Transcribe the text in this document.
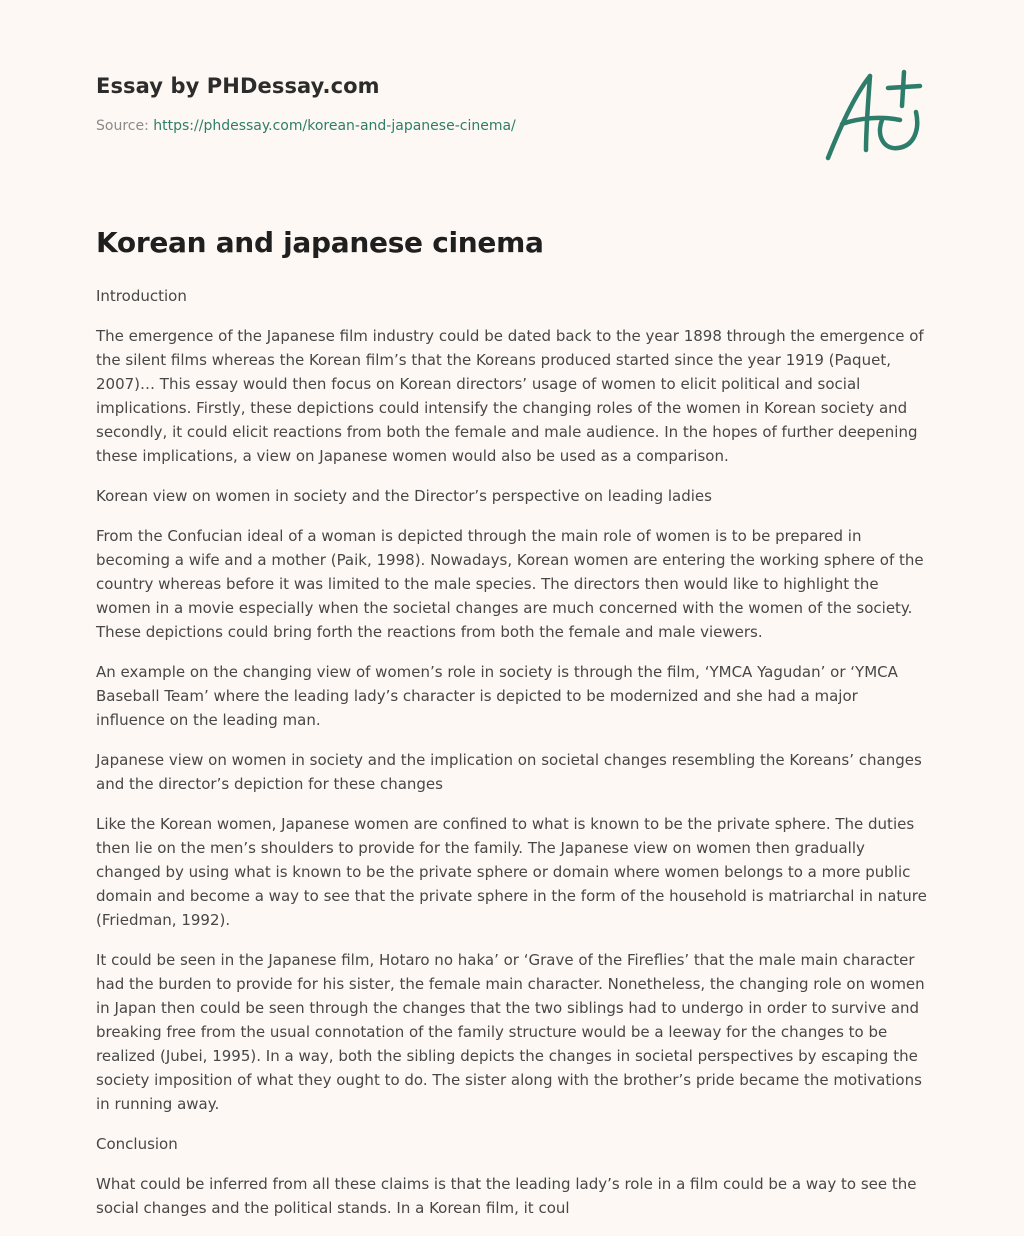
Essay by PHDessay.com
Source: https://phdessay.com/korean-and-japanese-cinema/
Korean and japanese cinema

Introduction

The emergence of the Japanese film industry could be dated back to the year 1898 through the emergence of the silent films whereas the Korean film’s that the Koreans produced started since the year 1919 (Paquet, 2007)… This essay would then focus on Korean directors’ usage of women to elicit political and social implications. Firstly, these depictions could intensify the changing roles of the women in Korean society and secondly, it could elicit reactions from both the female and male audience. In the hopes of further deepening these implications, a view on Japanese women would also be used as a comparison.

Korean view on women in society and the Director’s perspective on leading ladies

From the Confucian ideal of a woman is depicted through the main role of women is to be prepared in becoming a wife and a mother (Paik, 1998). Nowadays, Korean women are entering the working sphere of the country whereas before it was limited to the male species. The directors then would like to highlight the women in a movie especially when the societal changes are much concerned with the women of the society. These depictions could bring forth the reactions from both the female and male viewers.

An example on the changing view of women’s role in society is through the film, ‘YMCA Yagudan’ or ‘YMCA Baseball Team’ where the leading lady’s character is depicted to be modernized and she had a major influence on the leading man.

Japanese view on women in society and the implication on societal changes resembling the Koreans’ changes and the director’s depiction for these changes

Like the Korean women, Japanese women are confined to what is known to be the private sphere. The duties then lie on the men’s shoulders to provide for the family. The Japanese view on women then gradually changed by using what is known to be the private sphere or domain where women belongs to a more public domain and become a way to see that the private sphere in the form of the household is matriarchal in nature (Friedman, 1992).

It could be seen in the Japanese film, Hotaro no haka’ or ‘Grave of the Fireflies’ that the male main character had the burden to provide for his sister, the female main character. Nonetheless, the changing role on women in Japan then could be seen through the changes that the two siblings had to undergo in order to survive and breaking free from the usual connotation of the family structure would be a leeway for the changes to be realized (Jubei, 1995). In a way, both the sibling depicts the changes in societal perspectives by escaping the society imposition of what they ought to do. The sister along with the brother’s pride became the motivations in running away.

Conclusion

What could be inferred from all these claims is that the leading lady’s role in a film could be a way to see the social changes and the political stands. In a Korean film, it coul
